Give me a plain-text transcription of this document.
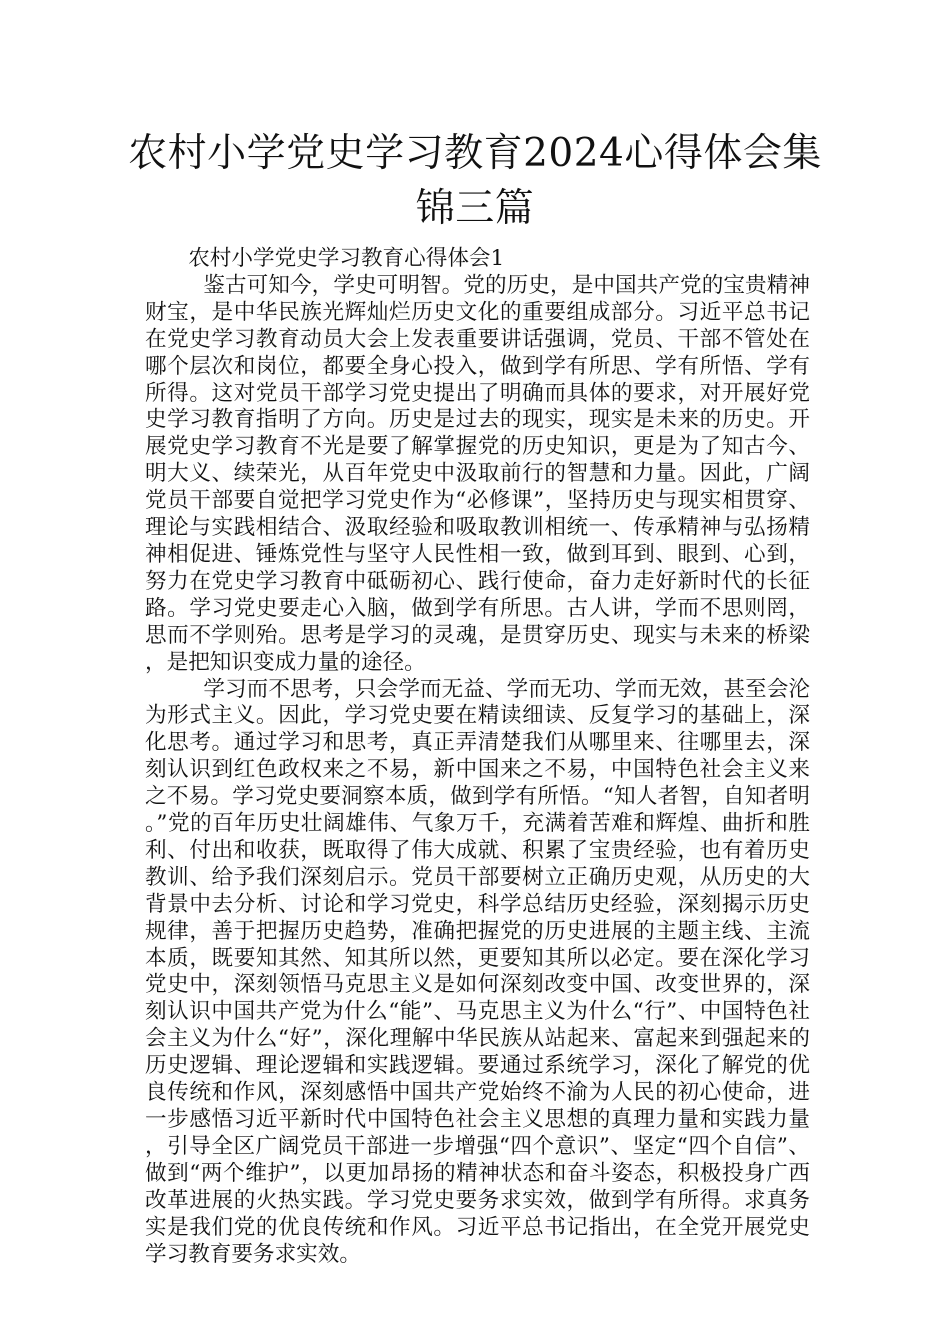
农村小学党史学习教育2024心得体会集锦三篇
农村小学党史学习教育心得体会1

鉴古可知今，学史可明智。党的历史，是中国共产党的宝贵精神财宝，是中华民族光辉灿烂历史文化的重要组成部分。习近平总书记在党史学习教育动员大会上发表重要讲话强调，党员、干部不管处在哪个层次和岗位，都要全身心投入，做到学有所思、学有所悟、学有所得。这对党员干部学习党史提出了明确而具体的要求，对开展好党史学习教育指明了方向。历史是过去的现实，现实是未来的历史。开展党史学习教育不光是要了解掌握党的历史知识，更是为了知古今、明大义、续荣光，从百年党史中汲取前行的智慧和力量。因此，广阔党员干部要自觉把学习党史作为“必修课”，坚持历史与现实相贯穿、理论与实践相结合、汲取经验和吸取教训相统一、传承精神与弘扬精神相促进、锤炼党性与坚守人民性相一致，做到耳到、眼到、心到，努力在党史学习教育中砥砺初心、践行使命，奋力走好新时代的长征路。学习党史要走心入脑，做到学有所思。古人讲，学而不思则罔，思而不学则殆。思考是学习的灵魂，是贯穿历史、现实与未来的桥梁，是把知识变成力量的途径。

学习而不思考，只会学而无益、学而无功、学而无效，甚至会沦为形式主义。因此，学习党史要在精读细读、反复学习的基础上，深化思考。通过学习和思考，真正弄清楚我们从哪里来、往哪里去，深刻认识到红色政权来之不易，新中国来之不易，中国特色社会主义来之不易。学习党史要洞察本质，做到学有所悟。“知人者智，自知者明。”党的百年历史壮阔雄伟、气象万千，充满着苦难和辉煌、曲折和胜利、付出和收获，既取得了伟大成就、积累了宝贵经验，也有着历史教训、给予我们深刻启示。党员干部要树立正确历史观，从历史的大背景中去分析、讨论和学习党史，科学总结历史经验，深刻揭示历史规律，善于把握历史趋势，准确把握党的历史进展的主题主线、主流本质，既要知其然、知其所以然，更要知其所以必定。要在深化学习党史中，深刻领悟马克思主义是如何深刻改变中国、改变世界的，深刻认识中国共产党为什么“能”、马克思主义为什么“行”、中国特色社会主义为什么“好”，深化理解中华民族从站起来、富起来到强起来的历史逻辑、理论逻辑和实践逻辑。要通过系统学习，深化了解党的优良传统和作风，深刻感悟中国共产党始终不渝为人民的初心使命，进一步感悟习近平新时代中国特色社会主义思想的真理力量和实践力量，引导全区广阔党员干部进一步增强“四个意识”、坚定“四个自信”、做到“两个维护”，以更加昂扬的精神状态和奋斗姿态，积极投身广西改革进展的火热实践。学习党史要务求实效，做到学有所得。求真务实是我们党的优良传统和作风。习近平总书记指出，在全党开展党史学习教育要务求实效。
